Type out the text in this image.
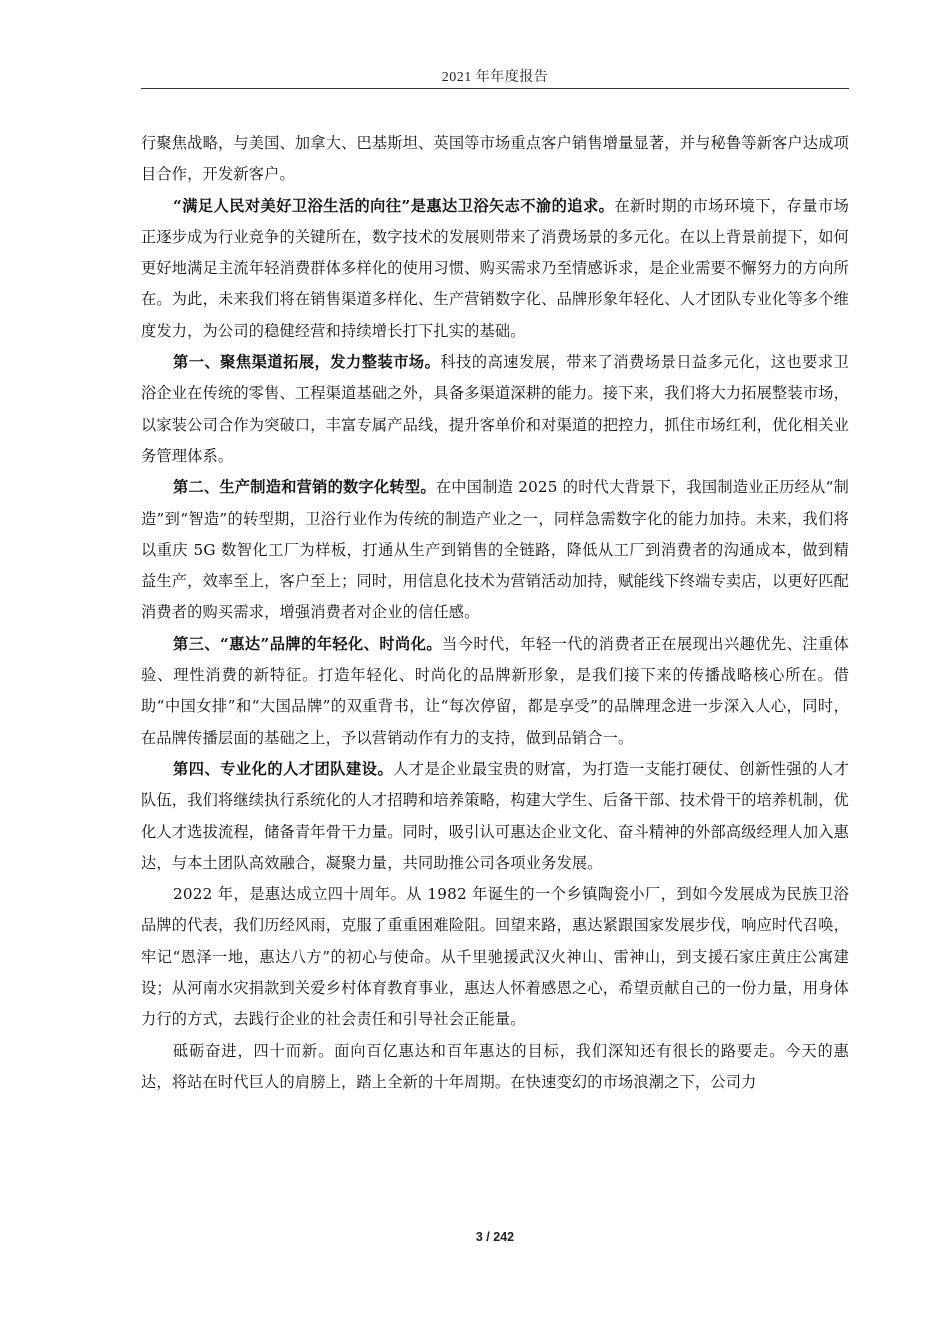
2021 年年度报告

行聚焦战略，与美国、加拿大、巴基斯坦、英国等市场重点客户销售增量显著，并与秘鲁等新客户达成项目合作，开发新客户。

“满足人民对美好卫浴生活的向往”是惠达卫浴矢志不渝的追求。在新时期的市场环境下，存量市场正逐步成为行业竞争的关键所在，数字技术的发展则带来了消费场景的多元化。在以上背景前提下，如何更好地满足主流年轻消费群体多样化的使用习惯、购买需求乃至情感诉求，是企业需要不懈努力的方向所在。为此，未来我们将在销售渠道多样化、生产营销数字化、品牌形象年轻化、人才团队专业化等多个维度发力，为公司的稳健经营和持续增长打下扎实的基础。

第一、聚焦渠道拓展，发力整装市场。科技的高速发展，带来了消费场景日益多元化，这也要求卫浴企业在传统的零售、工程渠道基础之外，具备多渠道深耕的能力。接下来，我们将大力拓展整装市场，以家装公司合作为突破口，丰富专属产品线，提升客单价和对渠道的把控力，抓住市场红利，优化相关业务管理体系。

第二、生产制造和营销的数字化转型。在中国制造 2025 的时代大背景下，我国制造业正历经从“制造”到“智造”的转型期，卫浴行业作为传统的制造产业之一，同样急需数字化的能力加持。未来，我们将以重庆 5G 数智化工厂为样板，打通从生产到销售的全链路，降低从工厂到消费者的沟通成本，做到精益生产，效率至上，客户至上；同时，用信息化技术为营销活动加持，赋能线下终端专卖店，以更好匹配消费者的购买需求，增强消费者对企业的信任感。

第三、“惠达”品牌的年轻化、时尚化。当今时代，年轻一代的消费者正在展现出兴趣优先、注重体验、理性消费的新特征。打造年轻化、时尚化的品牌新形象，是我们接下来的传播战略核心所在。借助“中国女排”和“大国品牌”的双重背书，让“每次停留，都是享受”的品牌理念进一步深入人心，同时，在品牌传播层面的基础之上，予以营销动作有力的支持，做到品销合一。

第四、专业化的人才团队建设。人才是企业最宝贵的财富，为打造一支能打硬仗、创新性强的人才队伍，我们将继续执行系统化的人才招聘和培养策略，构建大学生、后备干部、技术骨干的培养机制，优化人才选拔流程，储备青年骨干力量。同时，吸引认可惠达企业文化、奋斗精神的外部高级经理人加入惠达，与本土团队高效融合，凝聚力量，共同助推公司各项业务发展。

2022 年，是惠达成立四十周年。从 1982 年诞生的一个乡镇陶瓷小厂，到如今发展成为民族卫浴品牌的代表，我们历经风雨，克服了重重困难险阻。回望来路，惠达紧跟国家发展步伐，响应时代召唤，牢记“恩泽一地，惠达八方”的初心与使命。从千里驰援武汉火神山、雷神山，到支援石家庄黄庄公寓建设；从河南水灾捐款到关爱乡村体育教育事业，惠达人怀着感恩之心，希望贡献自己的一份力量，用身体力行的方式，去践行企业的社会责任和引导社会正能量。

砥砺奋进，四十而新。面向百亿惠达和百年惠达的目标，我们深知还有很长的路要走。今天的惠达，将站在时代巨人的肩膀上，踏上全新的十年周期。在快速变幻的市场浪潮之下，公司力

3 / 242
